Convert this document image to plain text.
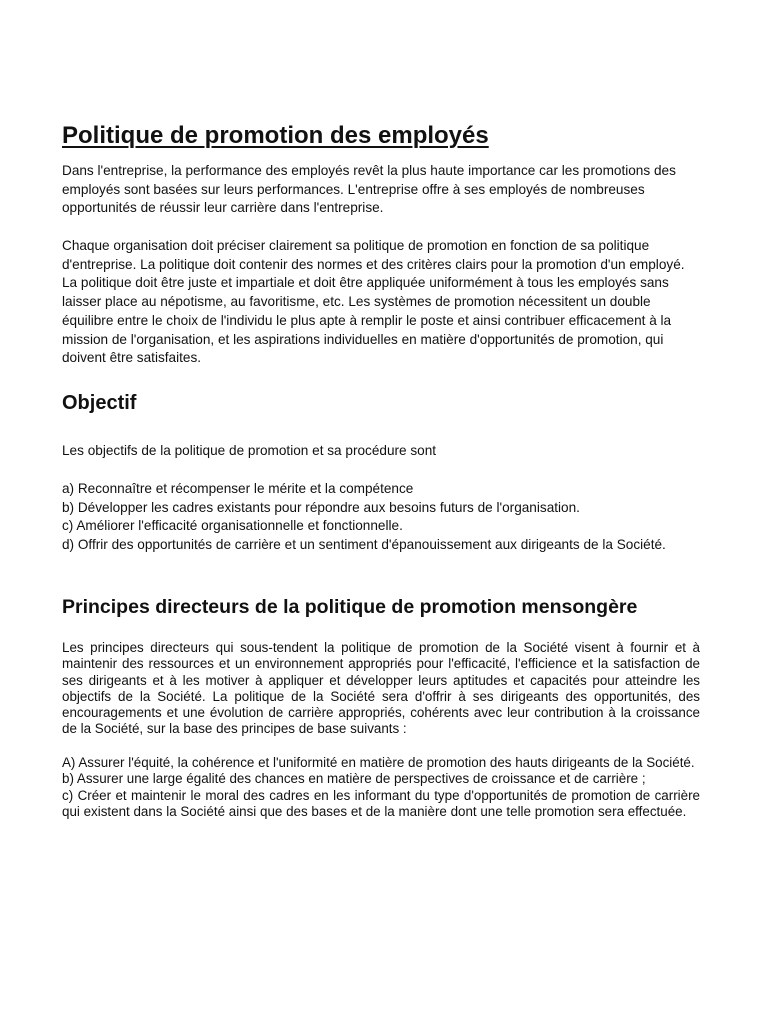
Politique de promotion des employés

Dans l'entreprise, la performance des employés revêt la plus haute importance car les promotions des employés sont basées sur leurs performances. L'entreprise offre à ses employés de nombreuses opportunités de réussir leur carrière dans l'entreprise.

Chaque organisation doit préciser clairement sa politique de promotion en fonction de sa politique d'entreprise. La politique doit contenir des normes et des critères clairs pour la promotion d'un employé. La politique doit être juste et impartiale et doit être appliquée uniformément à tous les employés sans laisser place au népotisme, au favoritisme, etc. Les systèmes de promotion nécessitent un double équilibre entre le choix de l'individu le plus apte à remplir le poste et ainsi contribuer efficacement à la mission de l'organisation, et les aspirations individuelles en matière d'opportunités de promotion, qui doivent être satisfaites.

Objectif

Les objectifs de la politique de promotion et sa procédure sont

a) Reconnaître et récompenser le mérite et la compétence
b) Développer les cadres existants pour répondre aux besoins futurs de l'organisation.
c) Améliorer l'efficacité organisationnelle et fonctionnelle.
d) Offrir des opportunités de carrière et un sentiment d'épanouissement aux dirigeants de la Société.
Principes directeurs de la politique de promotion mensongère

Les principes directeurs qui sous-tendent la politique de promotion de la Société visent à fournir et à maintenir des ressources et un environnement appropriés pour l'efficacité, l'efficience et la satisfaction de ses dirigeants et à les motiver à appliquer et développer leurs aptitudes et capacités pour atteindre les objectifs de la Société. La politique de la Société sera d'offrir à ses dirigeants des opportunités, des encouragements et une évolution de carrière appropriés, cohérents avec leur contribution à la croissance de la Société, sur la base des principes de base suivants :

A) Assurer l'équité, la cohérence et l'uniformité en matière de promotion des hauts dirigeants de la Société.
b) Assurer une large égalité des chances en matière de perspectives de croissance et de carrière ;
c) Créer et maintenir le moral des cadres en les informant du type d'opportunités de promotion de carrière qui existent dans la Société ainsi que des bases et de la manière dont une telle promotion sera effectuée.
